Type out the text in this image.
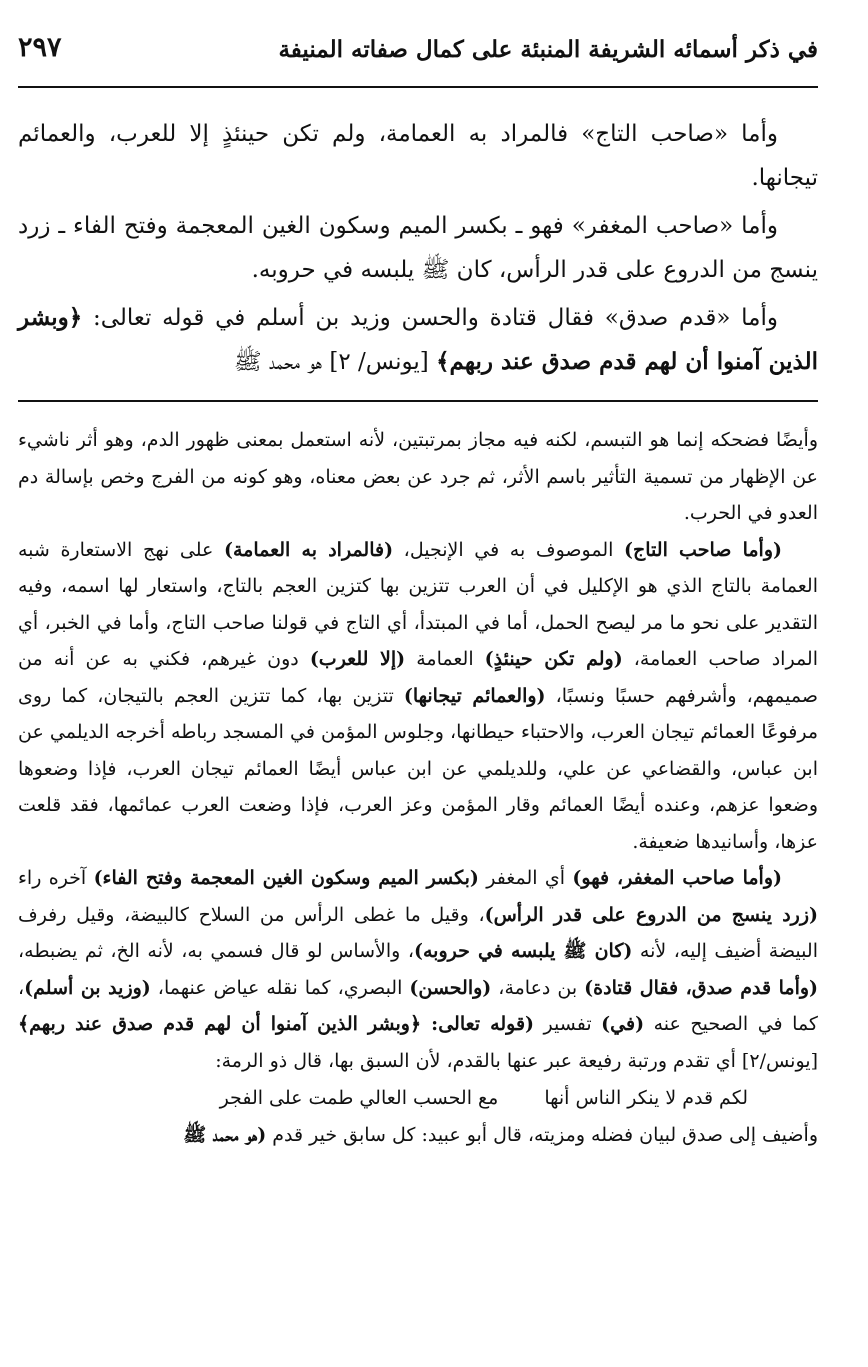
في ذكر أسمائه الشريفة المنبئة على كمال صفاته المنيفة
٢٩٧

وأما «صاحب التاج» فالمراد به العمامة، ولم تكن حينئذٍ إلا للعرب، والعمائم تيجانها.

وأما «صاحب المغفر» فهو ـ بكسر الميم وسكون الغين المعجمة وفتح الفاء ـ زرد ينسج من الدروع على قدر الرأس، كان ﷺ يلبسه في حروبه.

وأما «قدم صدق» فقال قتادة والحسن وزيد بن أسلم في قوله تعالى: ﴿وبشر الذين آمنوا أن لهم قدم صدق عند ربهم﴾ [يونس/ ٢] هو محمد ﷺ

وأيضًا فضحكه إنما هو التبسم، لكنه فيه مجاز بمرتبتين، لأنه استعمل بمعنى ظهور الدم، وهو أثر ناشيء عن الإظهار من تسمية التأثير باسم الأثر، ثم جرد عن بعض معناه، وهو كونه من الفرج وخص بإسالة دم العدو في الحرب.

(وأما صاحب التاج) الموصوف به في الإنجيل، (فالمراد به العمامة) على نهج الاستعارة شبه العمامة بالتاج الذي هو الإكليل في أن العرب تتزين بها كتزين العجم بالتاج، واستعار لها اسمه، وفيه التقدير على نحو ما مر ليصح الحمل، أما في المبتدأ، أي التاج في قولنا صاحب التاج، وأما في الخبر، أي المراد صاحب العمامة، (ولم تكن حينئذٍ) العمامة (إلا للعرب) دون غيرهم، فكني به عن أنه من صميمهم، وأشرفهم حسبًا ونسبًا، (والعمائم تيجانها) تتزين بها، كما تتزين العجم بالتيجان، كما روى مرفوعًا العمائم تيجان العرب، والاحتباء حيطانها، وجلوس المؤمن في المسجد رباطه أخرجه الديلمي عن ابن عباس، والقضاعي عن علي، وللديلمي عن ابن عباس أيضًا العمائم تيجان العرب، فإذا وضعوها وضعوا عزهم، وعنده أيضًا العمائم وقار المؤمن وعز العرب، فإذا وضعت العرب عمائمها، فقد قلعت عزها، وأسانيدها ضعيفة.

(وأما صاحب المغفر، فهو) أي المغفر (بكسر الميم وسكون الغين المعجمة وفتح الفاء) آخره راء (زرد ينسج من الدروع على قدر الرأس)، وقيل ما غطى الرأس من السلاح كالبيضة، وقيل رفرف البيضة أضيف إليه، لأنه (كان ﷺ يلبسه في حروبه)، والأساس لو قال فسمي به، لأنه الخ، ثم يضبطه، (وأما قدم صدق، فقال قتادة) بن دعامة، (والحسن) البصري، كما نقله عياض عنهما، (وزيد بن أسلم)، كما في الصحيح عنه (في) تفسير (قوله تعالى: ﴿وبشر الذين آمنوا أن لهم قدم صدق عند ربهم﴾ [يونس/٢] أي تقدم ورتبة رفيعة عبر عنها بالقدم، لأن السبق بها، قال ذو الرمة:

لكم قدم لا ينكر الناس أنها
مع الحسب العالي طمت على الفجر

وأضيف إلى صدق لبيان فضله ومزيته، قال أبو عبيد: كل سابق خير قدم (هو محمد ﷺ
